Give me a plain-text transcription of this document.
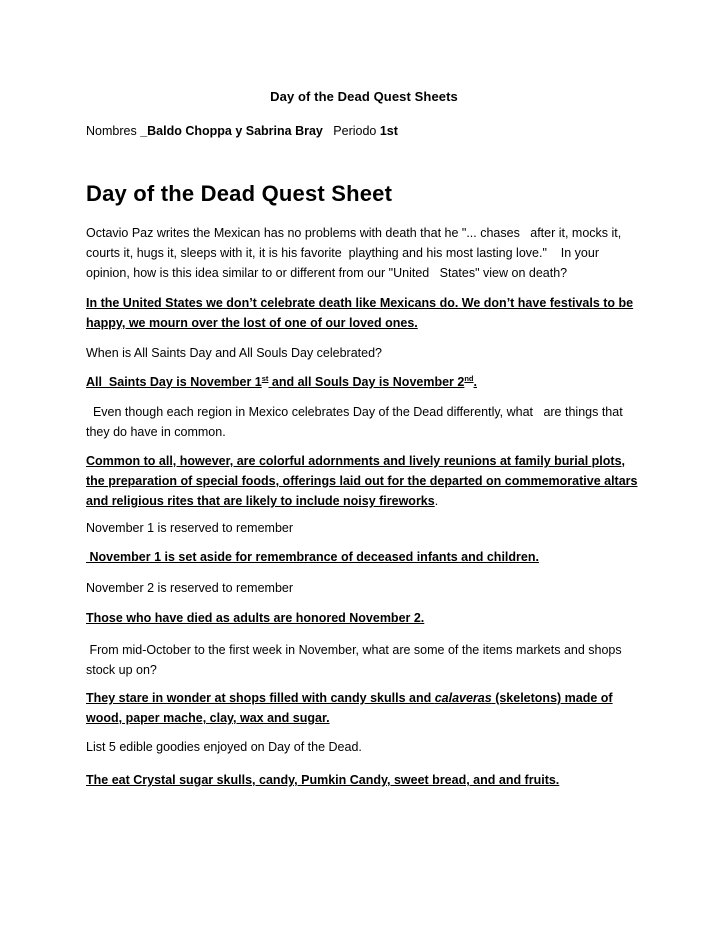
Day of the Dead Quest Sheets
Nombres _Baldo Choppa y Sabrina Bray Periodo 1st
Day of the Dead Quest Sheet
Octavio Paz writes the Mexican has no problems with death that he "... chases   after it, mocks it, courts it, hugs it, sleeps with it, it is his favorite  plaything and his most lasting love."    In your opinion, how is this idea similar to or different from our "United   States" view on death?
In the United States we don’t celebrate death like Mexicans do. We don’t have festivals to be happy, we mourn over the lost of one of our loved ones.
When is All Saints Day and All Souls Day celebrated?
All  Saints Day is November 1st and all Souls Day is November 2nd.
Even though each region in Mexico celebrates Day of the Dead differently, what   are things that they do have in common.
Common to all, however, are colorful adornments and lively reunions at family burial plots, the preparation of special foods, offerings laid out for the departed on commemorative altars and religious rites that are likely to include noisy fireworks.
November 1 is reserved to remember
November 1 is set aside for remembrance of deceased infants and children.
November 2 is reserved to remember
Those who have died as adults are honored November 2.
From mid-October to the first week in November, what are some of the items markets and shops stock up on?
They stare in wonder at shops filled with candy skulls and calaveras (skeletons) made of wood, paper mache, clay, wax and sugar.
List 5 edible goodies enjoyed on Day of the Dead.
The eat Crystal sugar skulls, candy, Pumkin Candy, sweet bread, and and fruits.
